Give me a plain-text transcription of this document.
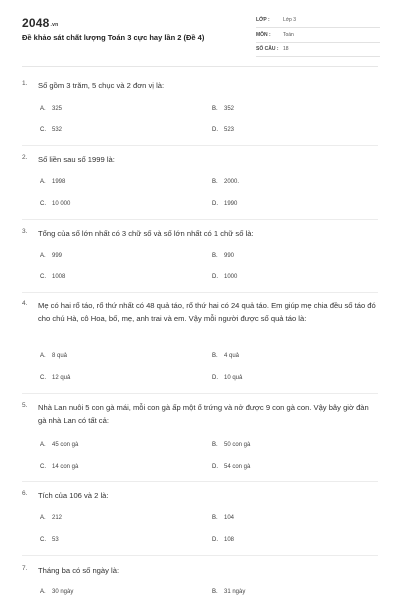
$2048^{.vn}$
Đề khảo sát chất lượng Toán 3 cực hay lần 2 (Đề 4)
LỚP :	Lớp 3
MÔN : Toán
SỐ CÂU : 18
1. Số gồm 3 trăm, 5 chục và 2 đơn vị là:
A. 325	B. 352
C. 532	D. 523
2. Số liền sau số 1999 là:
A. 1998	B. 2000.
C. 10 000	D. 1990
3. Tổng của số lớn nhất có 3 chữ số và số lớn nhất có 1 chữ số là:
A. 999	B. 990
C. 1008	D. 1000
4. Mẹ có hai rổ táo, rổ thứ nhất có 48 quả táo, rổ thứ hai có 24 quả táo. Em giúp mẹ chia đều số táo đó cho chú Hà, cô Hoa, bố, mẹ, anh trai và em. Vậy mỗi người được số quả táo là:
A. 8 quả	B. 4 quả
C. 12 quả	D. 10 quả
5. Nhà Lan nuôi 5 con gà mái, mỗi con gà ấp một ổ trứng và nở được 9 con gà con. Vậy bây giờ đàn gà nhà Lan có tất cả:
A. 45 con gà	B. 50 con gà
C. 14 con gà	D. 54 con gà
6. Tích của 106 và 2 là:
A. 212	B. 104
C. 53	D. 108
7. Tháng ba có số ngày là:
A. 30 ngày	B. 31 ngày
